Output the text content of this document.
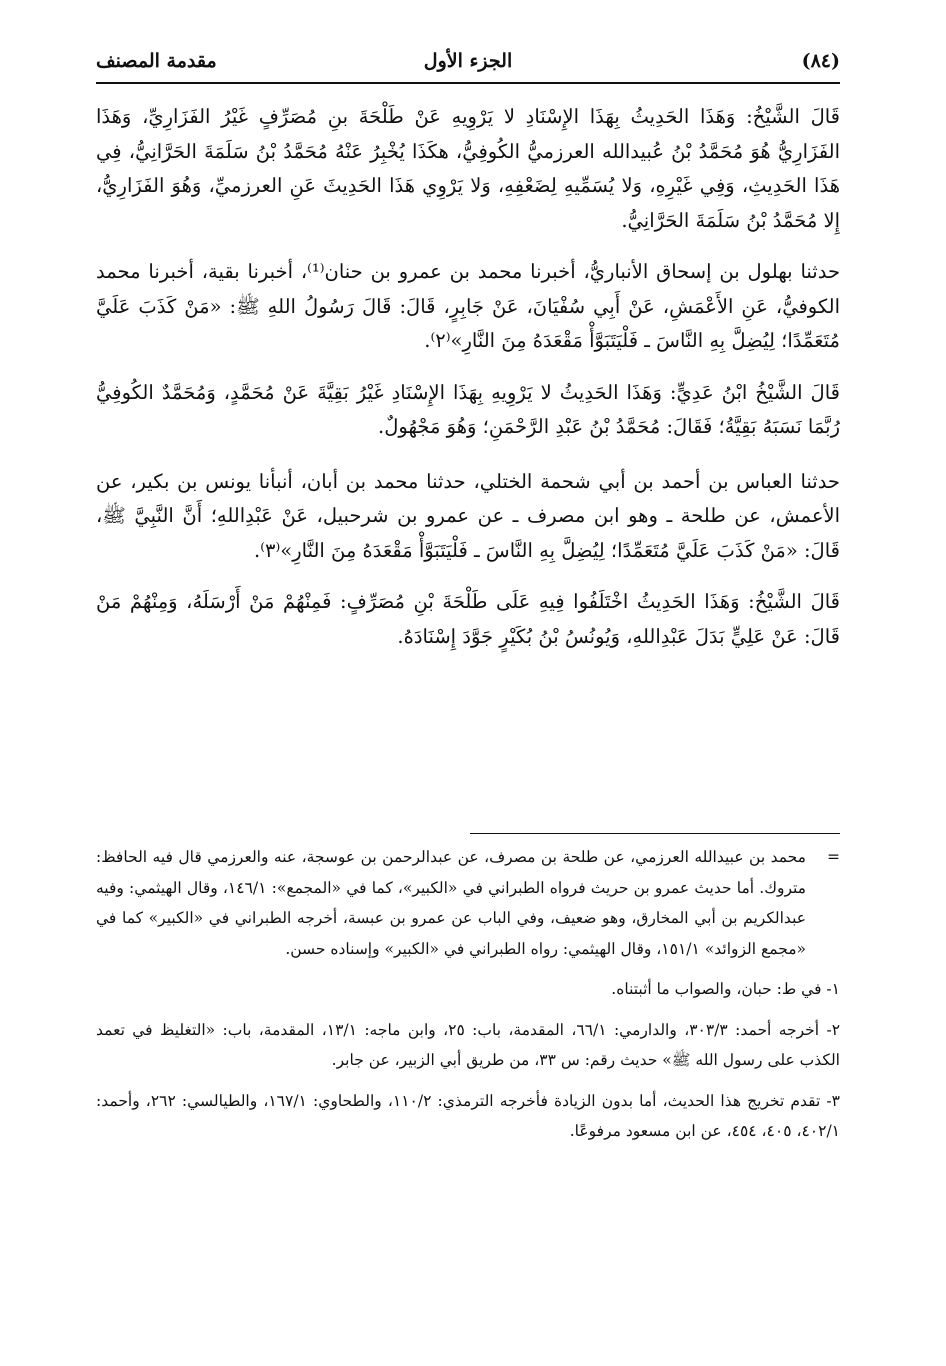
مقدمة المصنف	الجزء الأول	(٨٤)

قَالَ الشَّيْخُ: وَهَذَا الحَدِيثُ بِهَذَا الإِسْنَادِ لا يَرْوِيهِ عَنْ طَلْحَةَ بنِ مُصَرِّفٍ غَيْرُ الفَزَارِيِّ، وَهَذَا الفَزَارِيُّ هُوَ مُحَمَّدُ بْنُ عُبيدالله العرزميُّ الكُوفِيُّ، هكَذَا يُخْبِرُ عَنْهُ مُحَمَّدُ بْنُ سَلَمَةَ الحَرَّانِيُّ، فِي هَذَا الحَدِيثِ، وَفِي غَيْرِهِ، وَلا يُسَمِّيهِ لِضَعْفِهِ، وَلا يَرْوِي هَذَا الحَدِيثَ عَنِ العرزميِّ، وَهُوَ الفَزَارِيُّ، إِلا مُحَمَّدُ بْنُ سَلَمَةَ الحَرَّانِيُّ.

حدثنا بهلول بن إسحاق الأنباريُّ، أخبرنا محمد بن عمرو بن حنان⁽¹⁾، أخبرنا بقية، أخبرنا محمد الكوفيُّ، عَنِ الأَعْمَشِ، عَنْ أَبِي سُفْيَانَ، عَنْ جَابِرٍ، قَالَ: قَالَ رَسُولُ اللهِ ﷺ: «مَنْ كَذَبَ عَلَيَّ مُتَعَمِّدًا؛ لِيُضِلَّ بِهِ النَّاسَ ـ فَلْيَتَبَوَّأْ مَقْعَدَهُ مِنَ النَّارِ»⁽٢⁾.

قَالَ الشَّيْخُ ابْنُ عَدِيٍّ: وَهَذَا الحَدِيثُ لا يَرْوِيهِ بِهَذَا الإِسْنَادِ غَيْرُ بَقِيَّةَ عَنْ مُحَمَّدٍ، وَمُحَمَّدٌ الكُوفِيُّ رُبَّمَا نَسَبَهُ بَقِيَّةُ؛ فَقَالَ: مُحَمَّدُ بْنُ عَبْدِ الرَّحْمَنِ؛ وَهُوَ مَجْهُولٌ.

حدثنا العباس بن أحمد بن أبي شحمة الختلي، حدثنا محمد بن أبان، أنبأنا يونس بن بكير، عن الأعمش، عن طلحة ـ وهو ابن مصرف ـ عن عمرو بن شرحبيل، عَنْ عَبْدِاللهِ؛ أَنَّ النَّبِيَّ ﷺ، قَالَ: «مَنْ كَذَبَ عَلَيَّ مُتَعَمِّدًا؛ لِيُضِلَّ بِهِ النَّاسَ ـ فَلْيَتَبَوَّأْ مَقْعَدَهُ مِنَ النَّارِ»⁽٣⁾.

قَالَ الشَّيْخُ: وَهَذَا الحَدِيثُ اخْتَلَفُوا فِيهِ عَلَى طَلْحَةَ بْنِ مُصَرِّفٍ: فَمِنْهُمْ مَنْ أَرْسَلَهُ، وَمِنْهُمْ مَنْ قَالَ: عَنْ عَلِيٍّ بَدَلَ عَبْدِاللهِ، وَيُونُسُ بْنُ بُكَيْرٍ جَوَّدَ إِسْنَادَهُ.

=
محمد بن عبيدالله العرزمي، عن طلحة بن مصرف، عن عبدالرحمن بن عوسجة، عنه والعرزمي قال فيه الحافظ: متروك. أما حديث عمرو بن حريث فرواه الطبراني في «الكبير»، كما في «المجمع»: ١٤٦/١، وقال الهيثمي: وفيه عبدالكريم بن أبي المخارق، وهو ضعيف، وفي الباب عن عمرو بن عبسة، أخرجه الطبراني في «الكبير» كما في «مجمع الزوائد» ١٥١/١، وقال الهيثمي: رواه الطبراني في «الكبير» وإسناده حسن.

١- في ط: حبان، والصواب ما أثبتناه.

٢- أخرجه أحمد: ٣٠٣/٣، والدارمي: ٦٦/١، المقدمة، باب: ٢٥، وابن ماجه: ١٣/١، المقدمة، باب: «التغليظ في تعمد الكذب على رسول الله ﷺ» حديث رقم: س ٣٣، من طريق أبي الزبير، عن جابر.

٣- تقدم تخريج هذا الحديث، أما بدون الزيادة فأخرجه الترمذي: ١١٠/٢، والطحاوي: ١٦٧/١، والطيالسي: ٢٦٢، وأحمد: ٤٠٢/١، ٤٠٥، ٤٥٤، عن ابن مسعود مرفوعًا.
